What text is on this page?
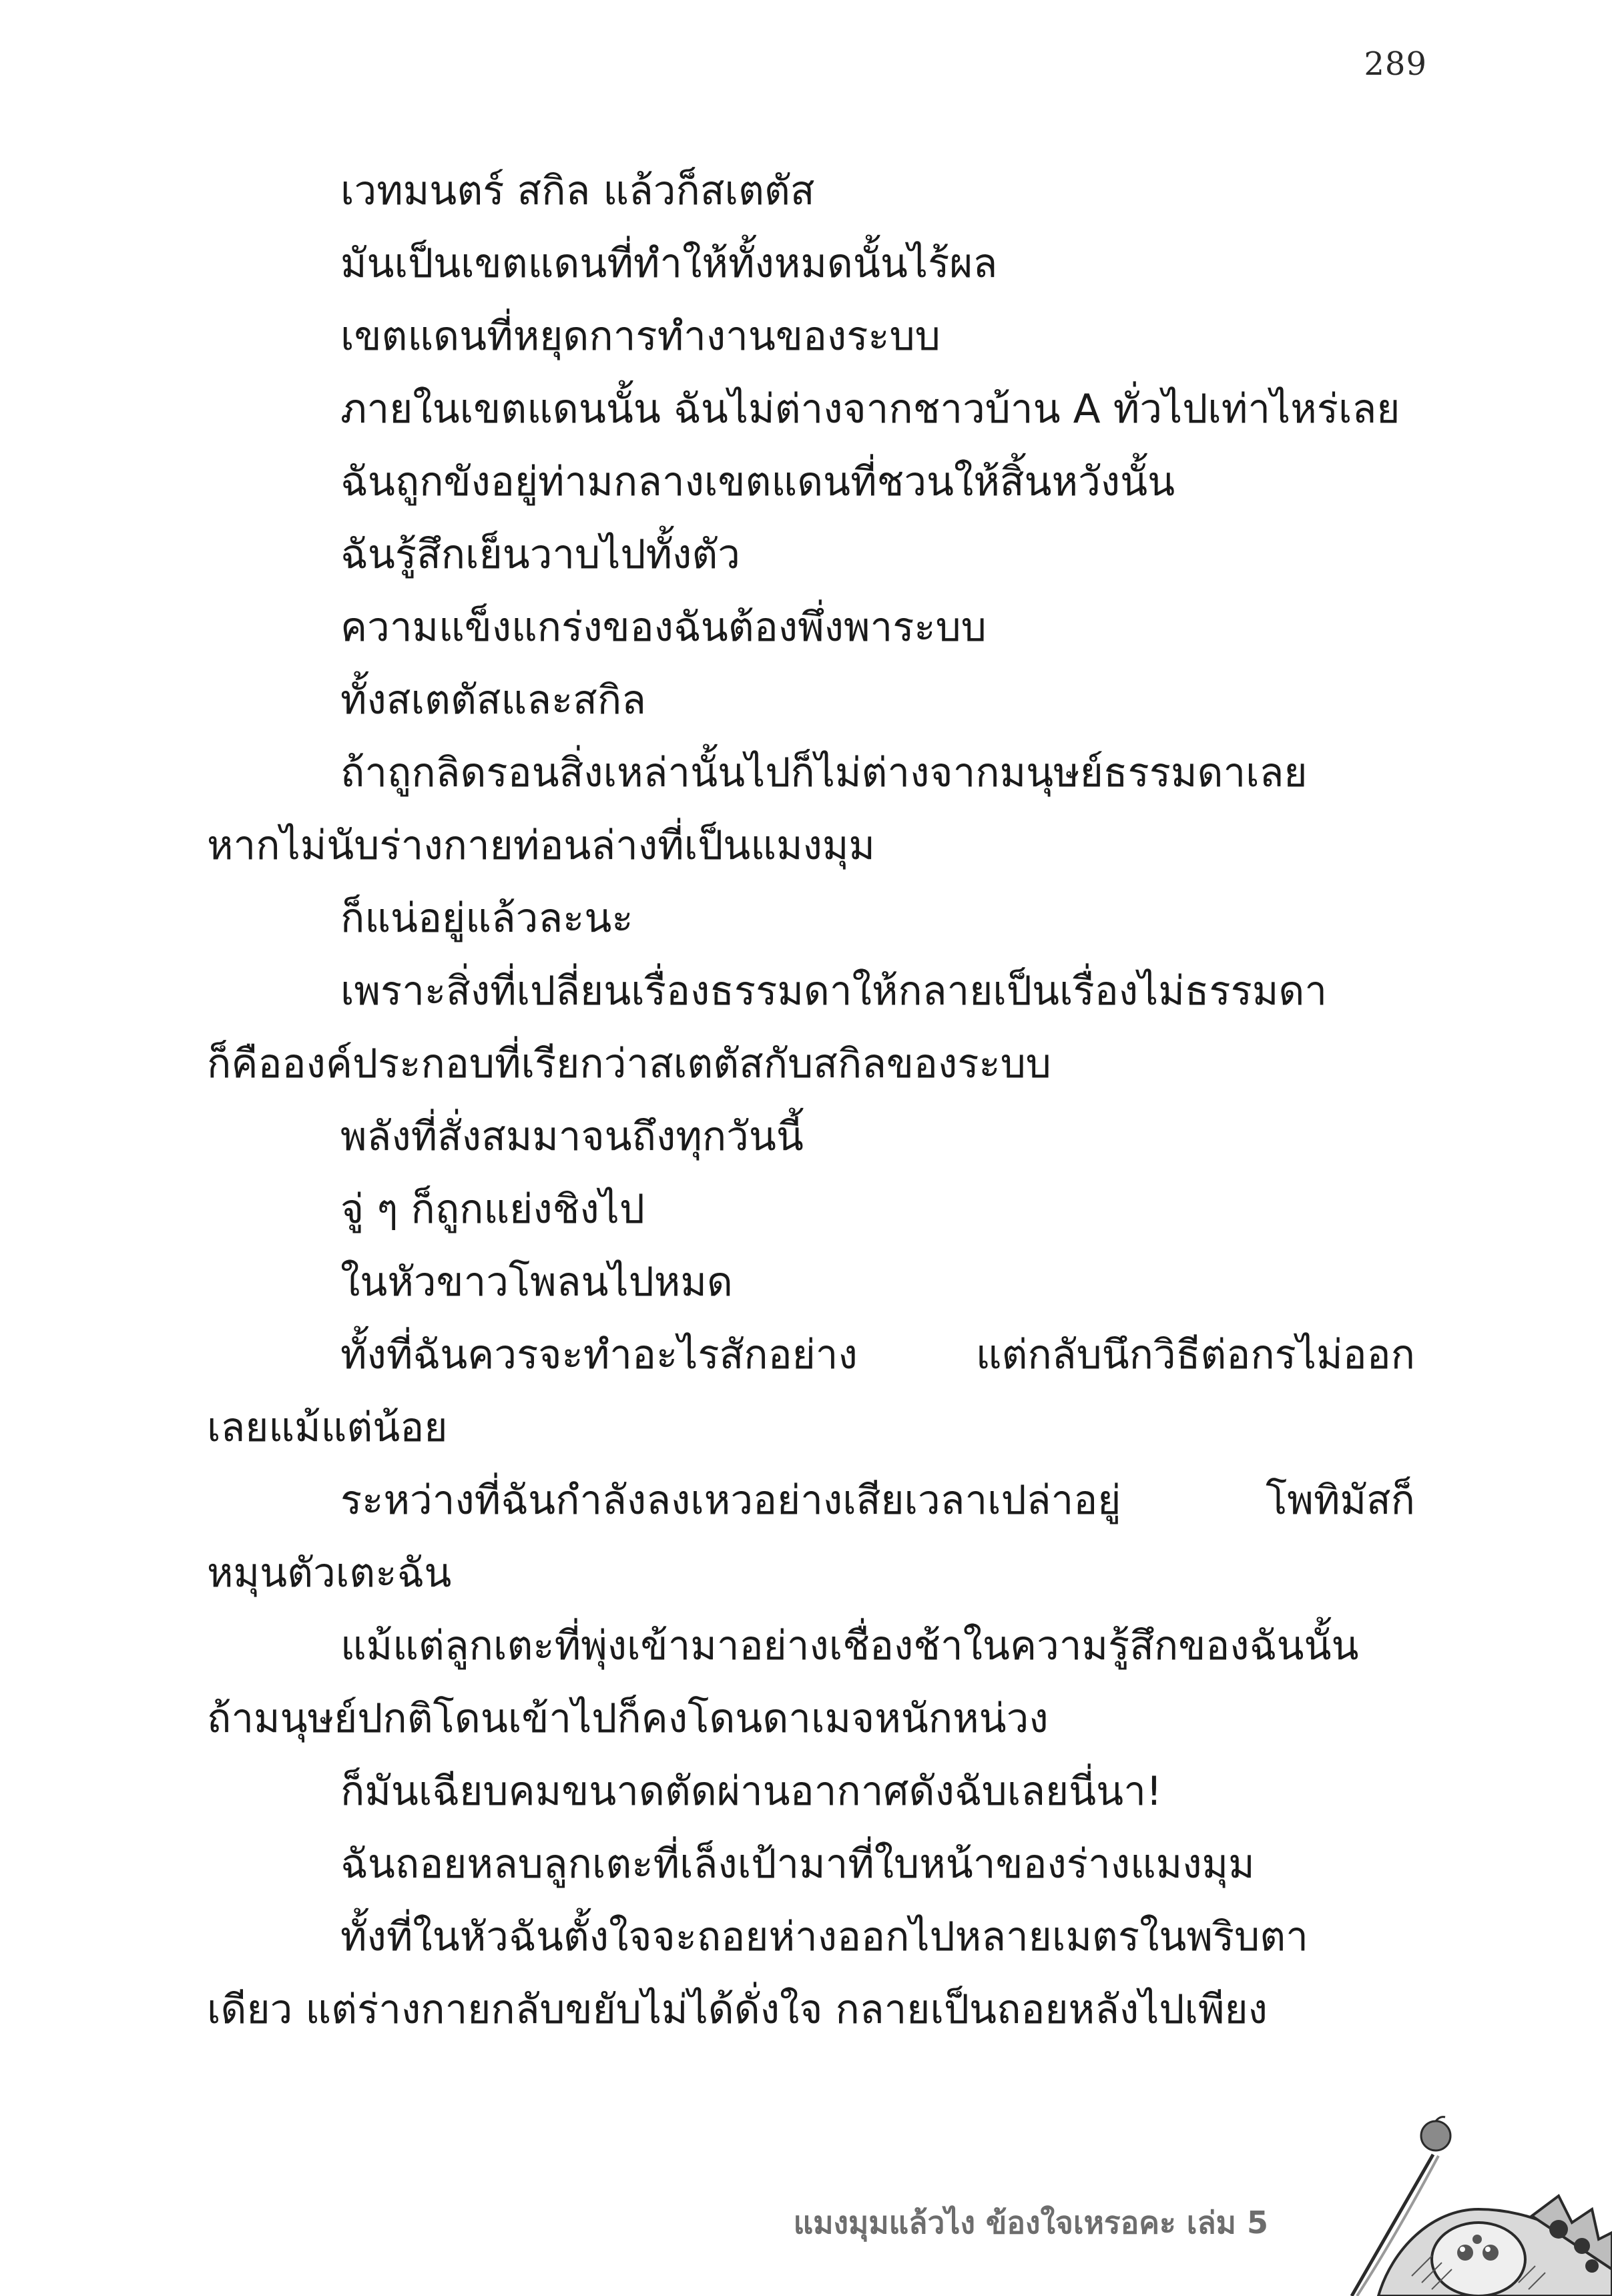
289

เวทมนตร์ สกิล แล้วก็สเตตัส

มันเป็นเขตแดนที่ทำให้ทั้งหมดนั้นไร้ผล

เขตแดนที่หยุดการทำงานของระบบ

ภายในเขตแดนนั้น ฉันไม่ต่างจากชาวบ้าน A ทั่วไปเท่าไหร่เลย

ฉันถูกขังอยู่ท่ามกลางเขตแดนที่ชวนให้สิ้นหวังนั้น

ฉันรู้สึกเย็นวาบไปทั้งตัว

ความแข็งแกร่งของฉันต้องพึ่งพาระบบ

ทั้งสเตตัสและสกิล

ถ้าถูกลิดรอนสิ่งเหล่านั้นไปก็ไม่ต่างจากมนุษย์ธรรมดาเลย

หากไม่นับร่างกายท่อนล่างที่เป็นแมงมุม

ก็แน่อยู่แล้วละนะ

เพราะสิ่งที่เปลี่ยนเรื่องธรรมดาให้กลายเป็นเรื่องไม่ธรรมดา

ก็คือองค์ประกอบที่เรียกว่าสเตตัสกับสกิลของระบบ

พลังที่สั่งสมมาจนถึงทุกวันนี้

จู่ ๆ ก็ถูกแย่งชิงไป

ในหัวขาวโพลนไปหมด

ทั้งที่ฉันควรจะทำอะไรสักอย่าง แต่กลับนึกวิธีต่อกรไม่ออก

เลยแม้แต่น้อย

ระหว่างที่ฉันกำลังลงเหวอย่างเสียเวลาเปล่าอยู่ โพทิมัสก็

หมุนตัวเตะฉัน

แม้แต่ลูกเตะที่พุ่งเข้ามาอย่างเชื่องช้าในความรู้สึกของฉันนั้น

ถ้ามนุษย์ปกติโดนเข้าไปก็คงโดนดาเมจหนักหน่วง

ก็มันเฉียบคมขนาดตัดผ่านอากาศดังฉับเลยนี่นา!

ฉันถอยหลบลูกเตะที่เล็งเป้ามาที่ใบหน้าของร่างแมงมุม

ทั้งที่ในหัวฉันตั้งใจจะถอยห่างออกไปหลายเมตรในพริบตา

เดียว แต่ร่างกายกลับขยับไม่ได้ดั่งใจ กลายเป็นถอยหลังไปเพียง

แมงมุมแล้วไง ข้องใจเหรอคะ เล่ม 5
